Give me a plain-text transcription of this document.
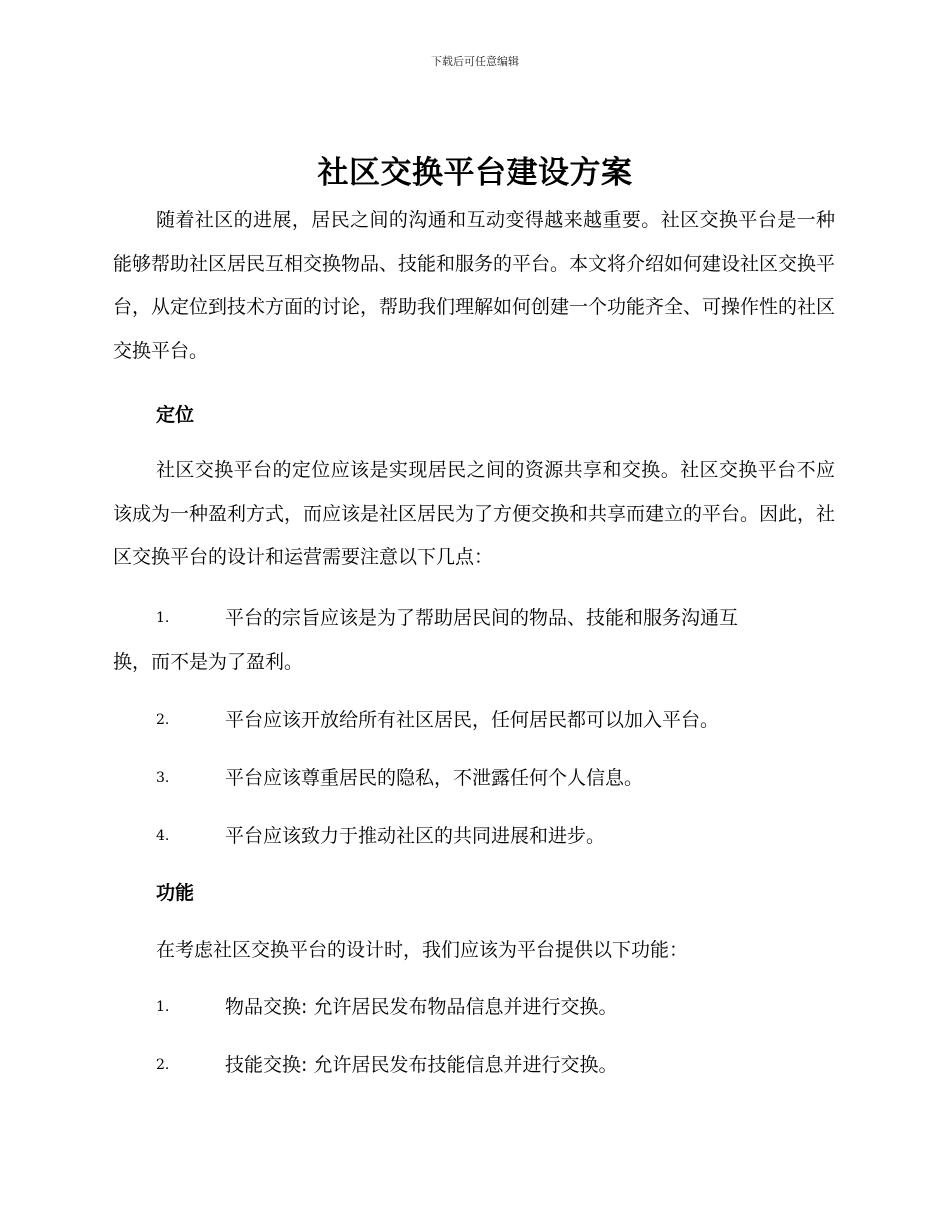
下载后可任意编辑
社区交换平台建设方案

随着社区的进展，居民之间的沟通和互动变得越来越重要。社区交换平台是一种能够帮助社区居民互相交换物品、技能和服务的平台。本文将介绍如何建设社区交换平台，从定位到技术方面的讨论，帮助我们理解如何创建一个功能齐全、可操作性的社区交换平台。

定位

社区交换平台的定位应该是实现居民之间的资源共享和交换。社区交换平台不应该成为一种盈利方式，而应该是社区居民为了方便交换和共享而建立的平台。因此，社区交换平台的设计和运营需要注意以下几点：

1.	平台的宗旨应该是为了帮助居民间的物品、技能和服务沟通互
换，而不是为了盈利。
2.	平台应该开放给所有社区居民，任何居民都可以加入平台。
3.	平台应该尊重居民的隐私，不泄露任何个人信息。
4.	平台应该致力于推动社区的共同进展和进步。
功能

在考虑社区交换平台的设计时，我们应该为平台提供以下功能：

1.	物品交换: 允许居民发布物品信息并进行交换。
2.	技能交换: 允许居民发布技能信息并进行交换。
